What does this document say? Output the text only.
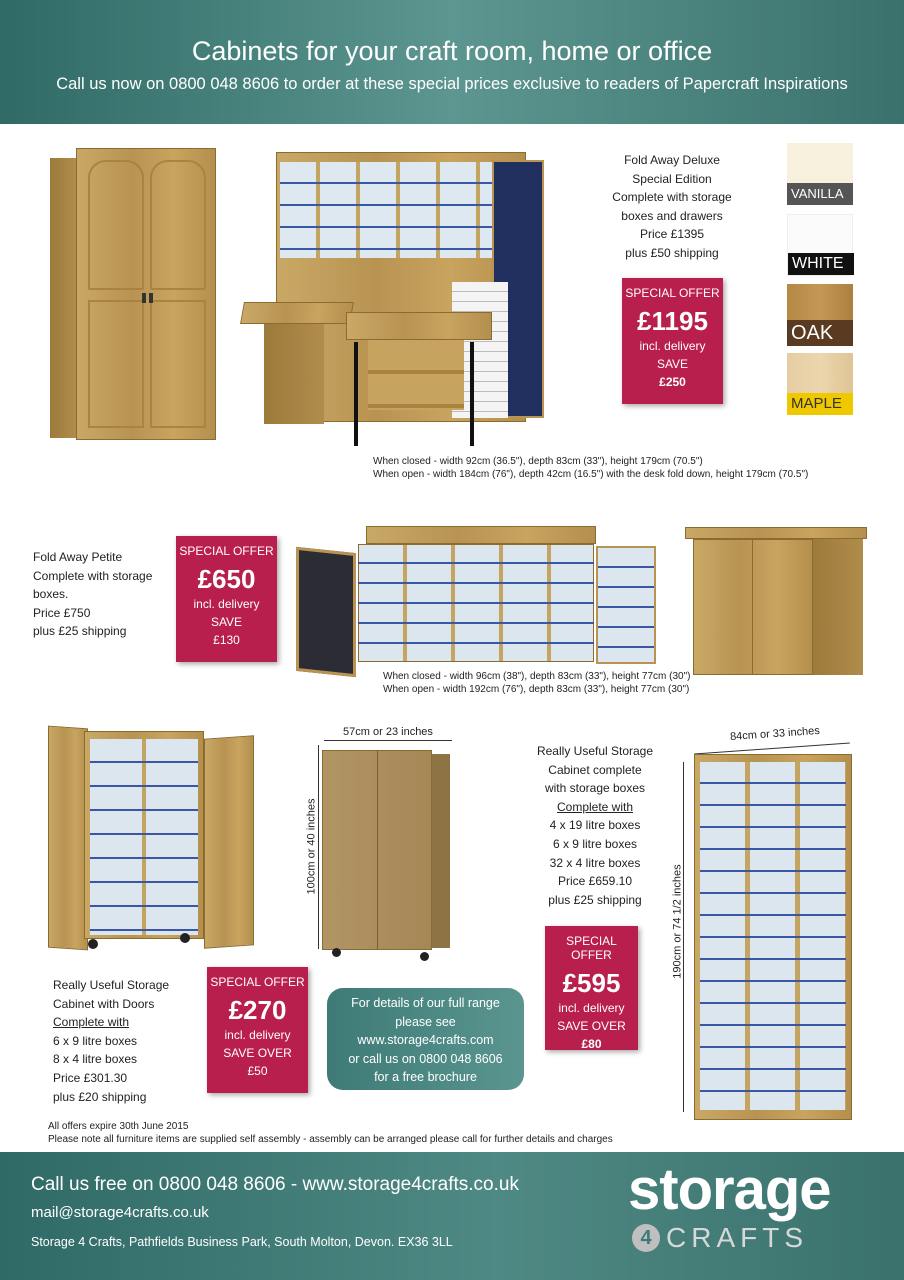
Cabinets for your craft room, home or office
Call us now on 0800 048 8606 to order at these special prices exclusive to readers of Papercraft Inspirations
Fold Away Deluxe
Special Edition
Complete with storage
boxes and drawers
Price £1395
plus £50 shipping
SPECIAL OFFER
£1195
incl. delivery
SAVE
£250
VANILLA
WHITE
OAK
MAPLE
When closed - width 92cm (36.5"), depth 83cm (33"), height 179cm (70.5")
When open - width 184cm (76"), depth 42cm (16.5") with the desk fold down, height 179cm (70.5")
Fold Away Petite
Complete with storage
boxes.
Price £750
plus £25 shipping
SPECIAL OFFER
£650
incl. delivery
SAVE
£130
When closed - width 96cm (38"), depth 83cm (33"), height 77cm (30")
When open - width 192cm (76"), depth 83cm (33"), height 77cm (30")
57cm or 23 inches
100cm or 40 inches
Really Useful Storage
Cabinet with Doors
Complete with
6 x 9 litre boxes
8 x 4 litre boxes
Price £301.30
plus £20 shipping
SPECIAL OFFER
£270
incl. delivery
SAVE OVER
£50
For details of our full range
please see
www.storage4crafts.com
or call us on 0800 048 8606
for a free brochure
Really Useful Storage
Cabinet complete
with storage boxes
Complete with
4 x 19 litre boxes
6 x 9 litre boxes
32 x 4 litre boxes
Price £659.10
plus £25 shipping
SPECIAL OFFER
£595
incl. delivery
SAVE OVER
£80
84cm or 33 inches
190cm or 74 1/2 inches
All offers expire 30th June 2015
Please note all furniture items are supplied self assembly - assembly can be arranged please call for further details and charges
Call us free on 0800 048 8606 - www.storage4crafts.co.uk
mail@storage4crafts.co.uk
Storage 4 Crafts, Pathfields Business Park, South Molton, Devon. EX36 3LL
storage
4 CRAFTS
